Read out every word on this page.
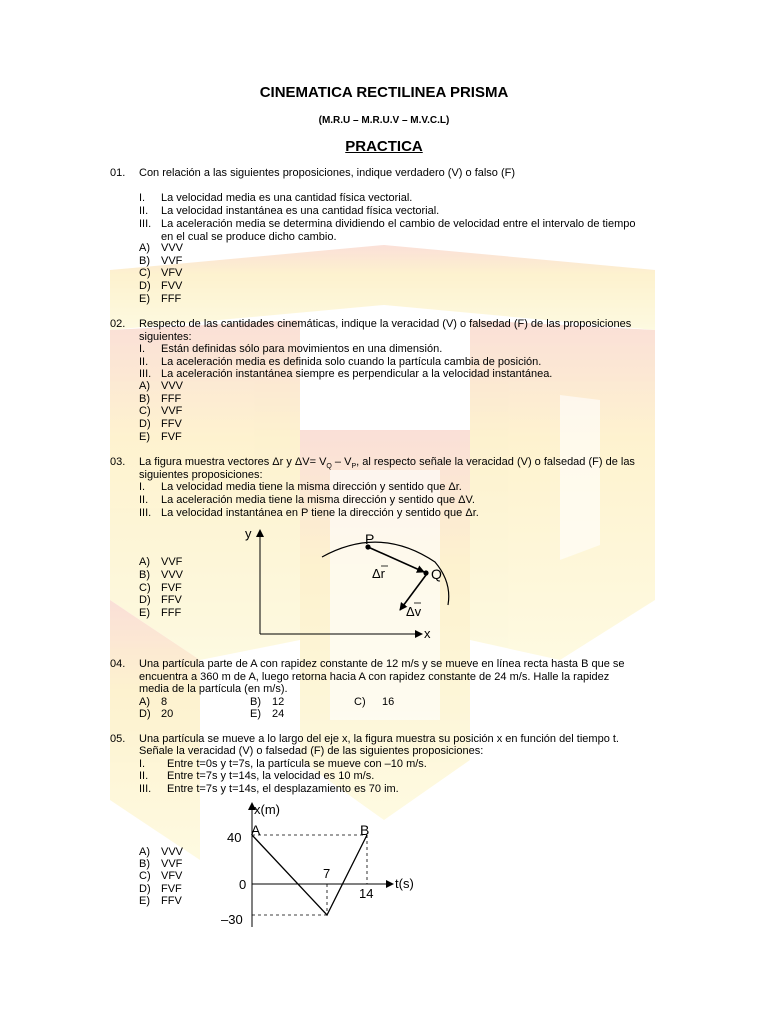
CINEMATICA RECTILINEA PRISMA
(M.R.U – M.R.U.V – M.V.C.L)
PRACTICA
01. Con relación a las siguientes proposiciones, indique verdadero (V) o falso (F)
I. La velocidad media es una cantidad física vectorial.
II. La velocidad instantánea es una cantidad física vectorial.
III. La aceleración media se determina dividiendo el cambio de velocidad entre el intervalo de tiempo
en el cual se produce dicho cambio.
A) VVV
B) VVF
C) VFV
D) FVV
E) FFF
02. Respecto de las cantidades cinemáticas, indique la veracidad (V) o falsedad (F) de las proposiciones
siguientes:
I. Están definidas sólo para movimientos en una dimensión.
II. La aceleración media es definida solo cuando la partícula cambia de posición.
III. La aceleración instantánea siempre es perpendicular a la velocidad instantánea.
A) VVV
B) FFF
C) VVF
D) FFV
E) FVF
03. La figura muestra vectores Δr y $\Delta V= V_Q - V_P$, al respecto señale la veracidad (V) o falsedad (F) de las
siguientes proposiciones:
I. La velocidad media tiene la misma dirección y sentido que Δr.
II. La aceleración media tiene la misma dirección y sentido que ΔV.
III. La velocidad instantánea en P tiene la dirección y sentido que Δr.
A) VVF
B) VVV
C) FVF
D) FFV
E) FFF
y
x
P
Q
Δr
Δv
04. Una partícula parte de A con rapidez constante de 12 m/s y se mueve en línea recta hasta B que se
encuentra a 360 m de A, luego retorna hacia A con rapidez constante de 24 m/s. Halle la rapidez
media de la partícula (en m/s).
A) 8	B) 12	C) 16
D) 20	E) 24
05. Una partícula se mueve a lo largo del eje x, la figura muestra su posición x en función del tiempo t.
Señale la veracidad (V) o falsedad (F) de las siguientes proposiciones:
I. Entre t=0s y t=7s, la partícula se mueve con –10 m/s.
II. Entre t=7s y t=14s, la velocidad es 10 m/s.
III. Entre t=7s y t=14s, el desplazamiento es 70 im.
A) VVV
B) VVF
C) VFV
D) FVF
E) FFV
x(m)
t(s)
40
0
–30
7
14
A	B
